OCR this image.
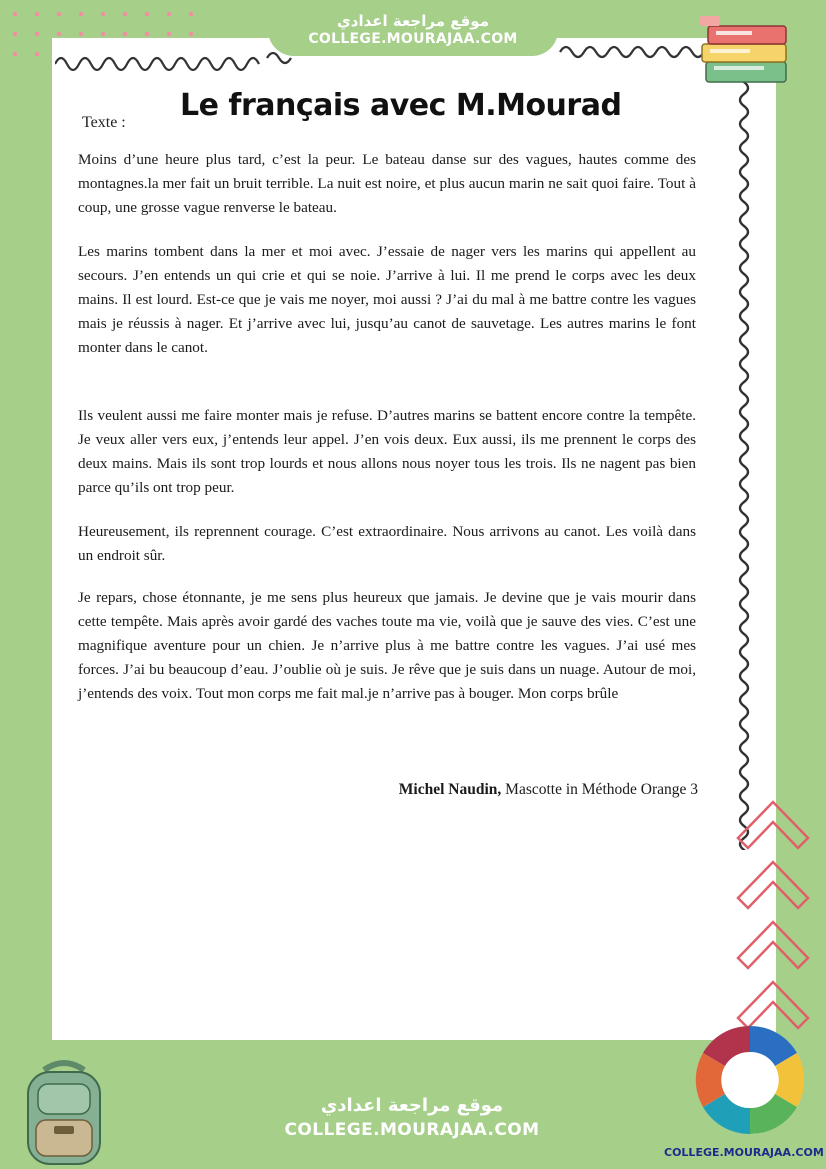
موقع مراجعة اعدادي
COLLEGE.MOURAJAA.COM
Le français avec M.Mourad
Texte :

Moins d’une heure plus tard, c’est la peur. Le bateau danse sur des vagues, hautes comme des montagnes.la mer fait un bruit terrible. La nuit est noire, et plus aucun marin ne sait quoi faire. Tout à coup, une grosse vague renverse le bateau.

Les marins tombent dans la mer et moi avec. J’essaie de nager vers les marins qui appellent au secours. J’en entends un qui crie et qui se noie. J’arrive à lui. Il me prend le corps avec les deux mains. Il est lourd. Est-ce que je vais me noyer, moi aussi ? J’ai du mal à me battre contre les vagues mais je réussis à nager. Et j’arrive avec lui, jusqu’au canot de sauvetage. Les autres marins le font monter dans le canot.

Ils veulent aussi me faire monter mais je refuse. D’autres marins se battent encore contre la tempête. Je veux aller vers eux, j’entends leur appel. J’en vois deux. Eux aussi, ils me prennent le corps des deux mains. Mais ils sont trop lourds et nous allons nous noyer tous les trois. Ils ne nagent pas bien parce qu’ils ont trop peur.

Heureusement, ils reprennent courage. C’est extraordinaire. Nous arrivons au canot. Les voilà dans un endroit sûr.

Je repars, chose étonnante, je me sens plus heureux que jamais. Je devine que je vais mourir dans cette tempête. Mais après avoir gardé des vaches toute ma vie, voilà que je sauve des vies. C’est une magnifique aventure pour un chien. Je n’arrive plus à me battre contre les vagues. J’ai usé mes forces. J’ai bu beaucoup d’eau. J’oublie où je suis. Je rêve que je suis dans un nuage. Autour de moi, j’entends des voix. Tout mon corps me fait mal.je n’arrive pas à bouger. Mon corps brûle

Michel Naudin, Mascotte in Méthode Orange 3
موقع مراجعة اعدادي
COLLEGE.MOURAJAA.COM
COLLEGE.MOURAJAA.COM
